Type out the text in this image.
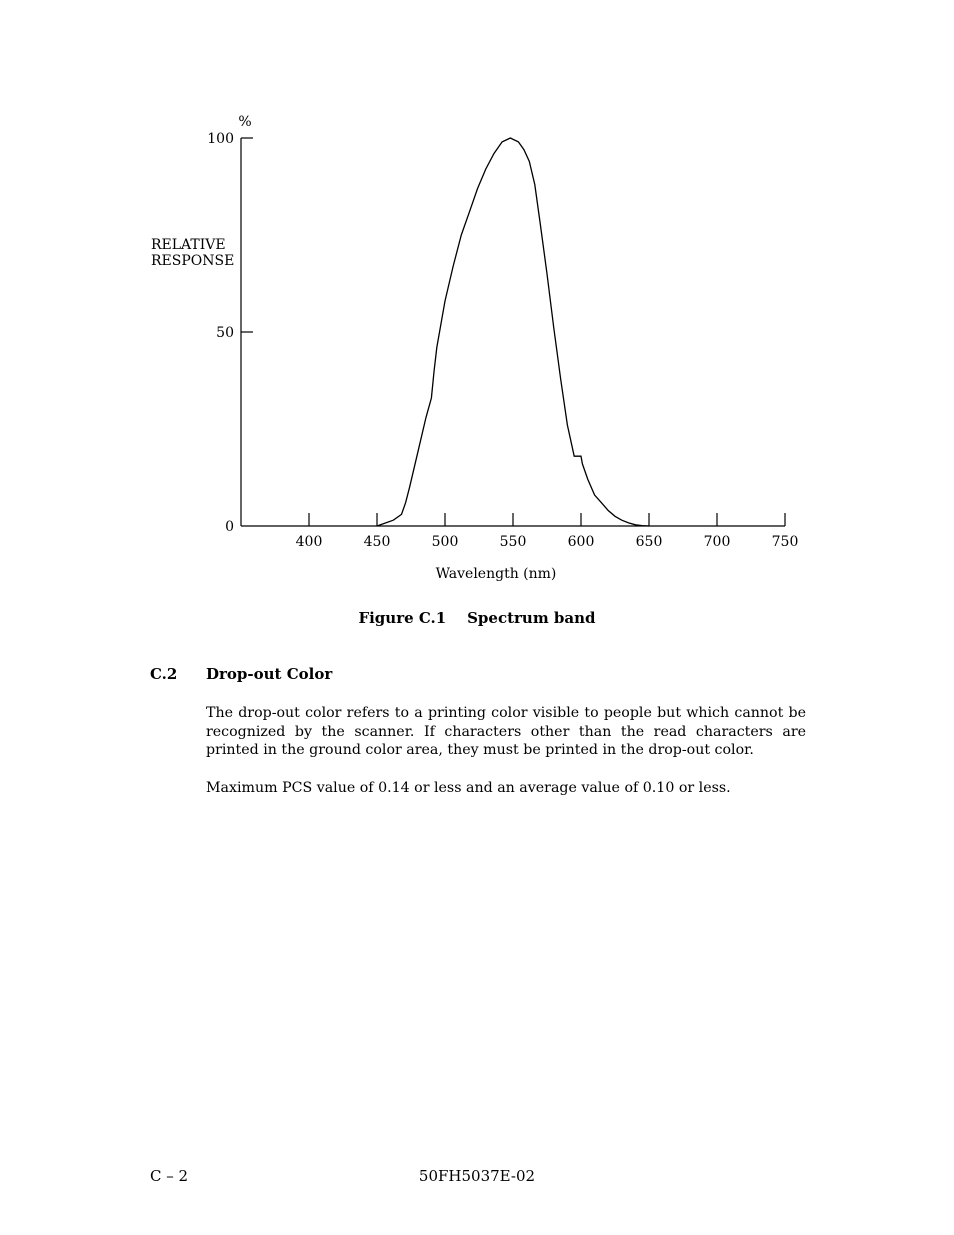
0
50
100
400	450	500	550	600	650	700	750
%
RELATIVE
RESPONSE
Wavelength (nm)
Figure C.1    Spectrum band
C.2 Drop-out Color

The drop-out color refers to a printing color visible to people but which cannot be recognized by the scanner. If characters other than the read characters are printed in the ground color area, they must be printed in the drop-out color.

Maximum PCS value of 0.14 or less and an average value of 0.10 or less.

C – 2	50FH5037E-02
